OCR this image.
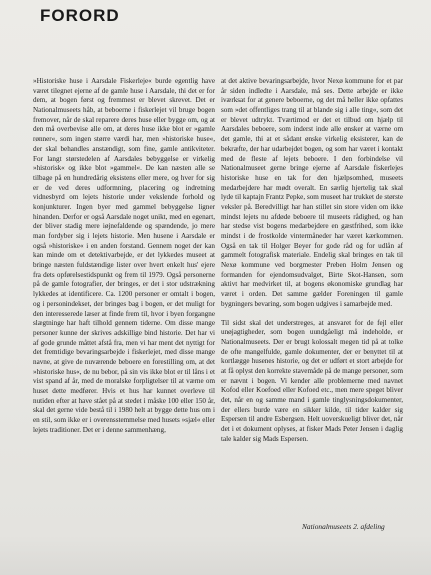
FORORD

»Historiske huse i Aarsdale Fiskerleje« burde egentlig have været tilegnet ejerne af de gamle huse i Aarsdale, thi det er for dem, at bogen først og fremmest er blevet skrevet. Det er Nationalmuseets håb, at beboerne i fiskerlejet vil bruge bogen fremover, når de skal reparere deres huse eller bygge om, og at den må overbevise alle om, at deres huse ikke blot er »gamle rønner«, som ingen større værdi har, men »historiske huse«, der skal behandles anstændigt, som fine, gamle antikviteter. For langt størstedelen af Aarsdales bebyggelse er virkelig »historisk« og ikke blot »gammel«. De kan næsten alle se tilbage på en hundredårig eksistens eller mere, og hver for sig er de ved deres udformning, placering og indretning vidnesbyrd om lejets historie under vekslende forhold og konjunkturer. Ingen byer med gammel bebyggelse ligner hinanden. Derfor er også Aarsdale noget unikt, med en egenart, der bliver stadig mere iøjnefaldende og spændende, jo mere man fordyber sig i lejets historie. Men husene i Aarsdale er også »historiske« i en anden forstand. Gennem noget der kan kan minde om et detektivarbejde, er det lykkedes museet at bringe næsten fuldstændige lister over hvert enkelt hus' ejere fra dets opførelsestidspunkt og frem til 1979. Også personerne på de gamle fotografier, der bringes, er det i stor udstrækning lykkedes at identificere. Ca. 1200 personer er omtalt i bogen, og i personindekset, der bringes bag i bogen, er det muligt for den interesserede læser at finde frem til, hvor i byen forgangne slægtninge har haft tilhold gennem tiderne. Om disse mange personer kunne der skrives adskillige bind historie. Det har vi af gode grunde måttet afstå fra, men vi har ment det nyttigt for det fremtidige bevaringsarbejde i fiskerlejet, med disse mange navne, at give de nuværende beboere en forestilling om, at det »historiske hus«, de nu bebor, på sin vis ikke blot er til låns i et vist spand af år, med de moralske forpligtelser til at værne om huset dette medfører. Hvis et hus har kunnet overleve til nutiden efter at have stået på at stedet i måske 100 eller 150 år, skal det gerne vide bestå til i 1980 helt at bygge dette hus om i en stil, som ikke er i overensstemmelse med husets »sjæl« eller lejets traditioner. Det er i denne sammenhæng,

at det aktive bevaringsarbejde, hvor Nexø kommune for et par år siden indledte i Aarsdale, må ses. Dette arbejde er ikke iværksat for at genere beboerne, og det må heller ikke opfattes som »det offentliges trang til at blande sig i alle ting«, som det er blevet udtrykt. Tværtimod er det et tilbud om hjælp til Aarsdales beboere, som inderst inde alle ønsker at værne om det gamle, thi at et sådant ønske virkelig eksisterer, kan de bekræfte, der har udarbejdet bogen, og som har været i kontakt med de fleste af lejets beboere. I den forbindelse vil Nationalmuseet gerne bringe ejerne af Aarsdale fiskerlejes historiske huse en tak for den hjælpsomhed, museets medarbejdere har mødt overalt. En særlig hjertelig tak skal lyde til kaptajn Frantz Pepke, som museet har trukket de største veksler på. Beredvilligt har han stillet sin store viden om ikke mindst lejets nu afdøde beboere til museets rådighed, og han har stedse vist bogens medarbejdere en gæstfrihed, som ikke mindst i de frostkolde vintermåneder har været kærkommen. Også en tak til Holger Beyer for gode råd og for udlån af gammelt fotografisk materiale. Endelig skal bringes en tak til Nexø kommune ved borgmester Preben Holm Jensen og formanden for ejendomsudvalget, Birte Skot-Hansen, som aktivt har medvirket til, at bogens økonomiske grundlag har været i orden. Det samme gælder Foreningen til gamle bygningers bevaring, som bogen udgives i samarbejde med.

Til sidst skal det understreges, at ansvaret for de fejl eller unøjagtigheder, som bogen uundgåeligt må indeholde, er Nationalmuseets. Der er brugt kolossalt megen tid på at tolke de ofte mangelfulde, gamle dokumenter, der er benyttet til at kortlægge husenes historie, og det er udført et stort arbejde for at få oplyst den korrekte stavemåde på de mange personer, som er nævnt i bogen. Vi kender alle problemerne med navnet Kofod eller Koefoed eller Kofoed etc., men mere speget bliver det, når en og samme mand i gamle tinglysningsdokumenter, der ellers burde være en sikker kilde, til tider kalder sig Espersen til andre Esbergsen. Helt uoverskueligt bliver det, når det i et dokument oplyses, at fisker Mads Peter Jensen i daglig tale kalder sig Mads Espersen.

Nationalmuseets 2. afdeling
